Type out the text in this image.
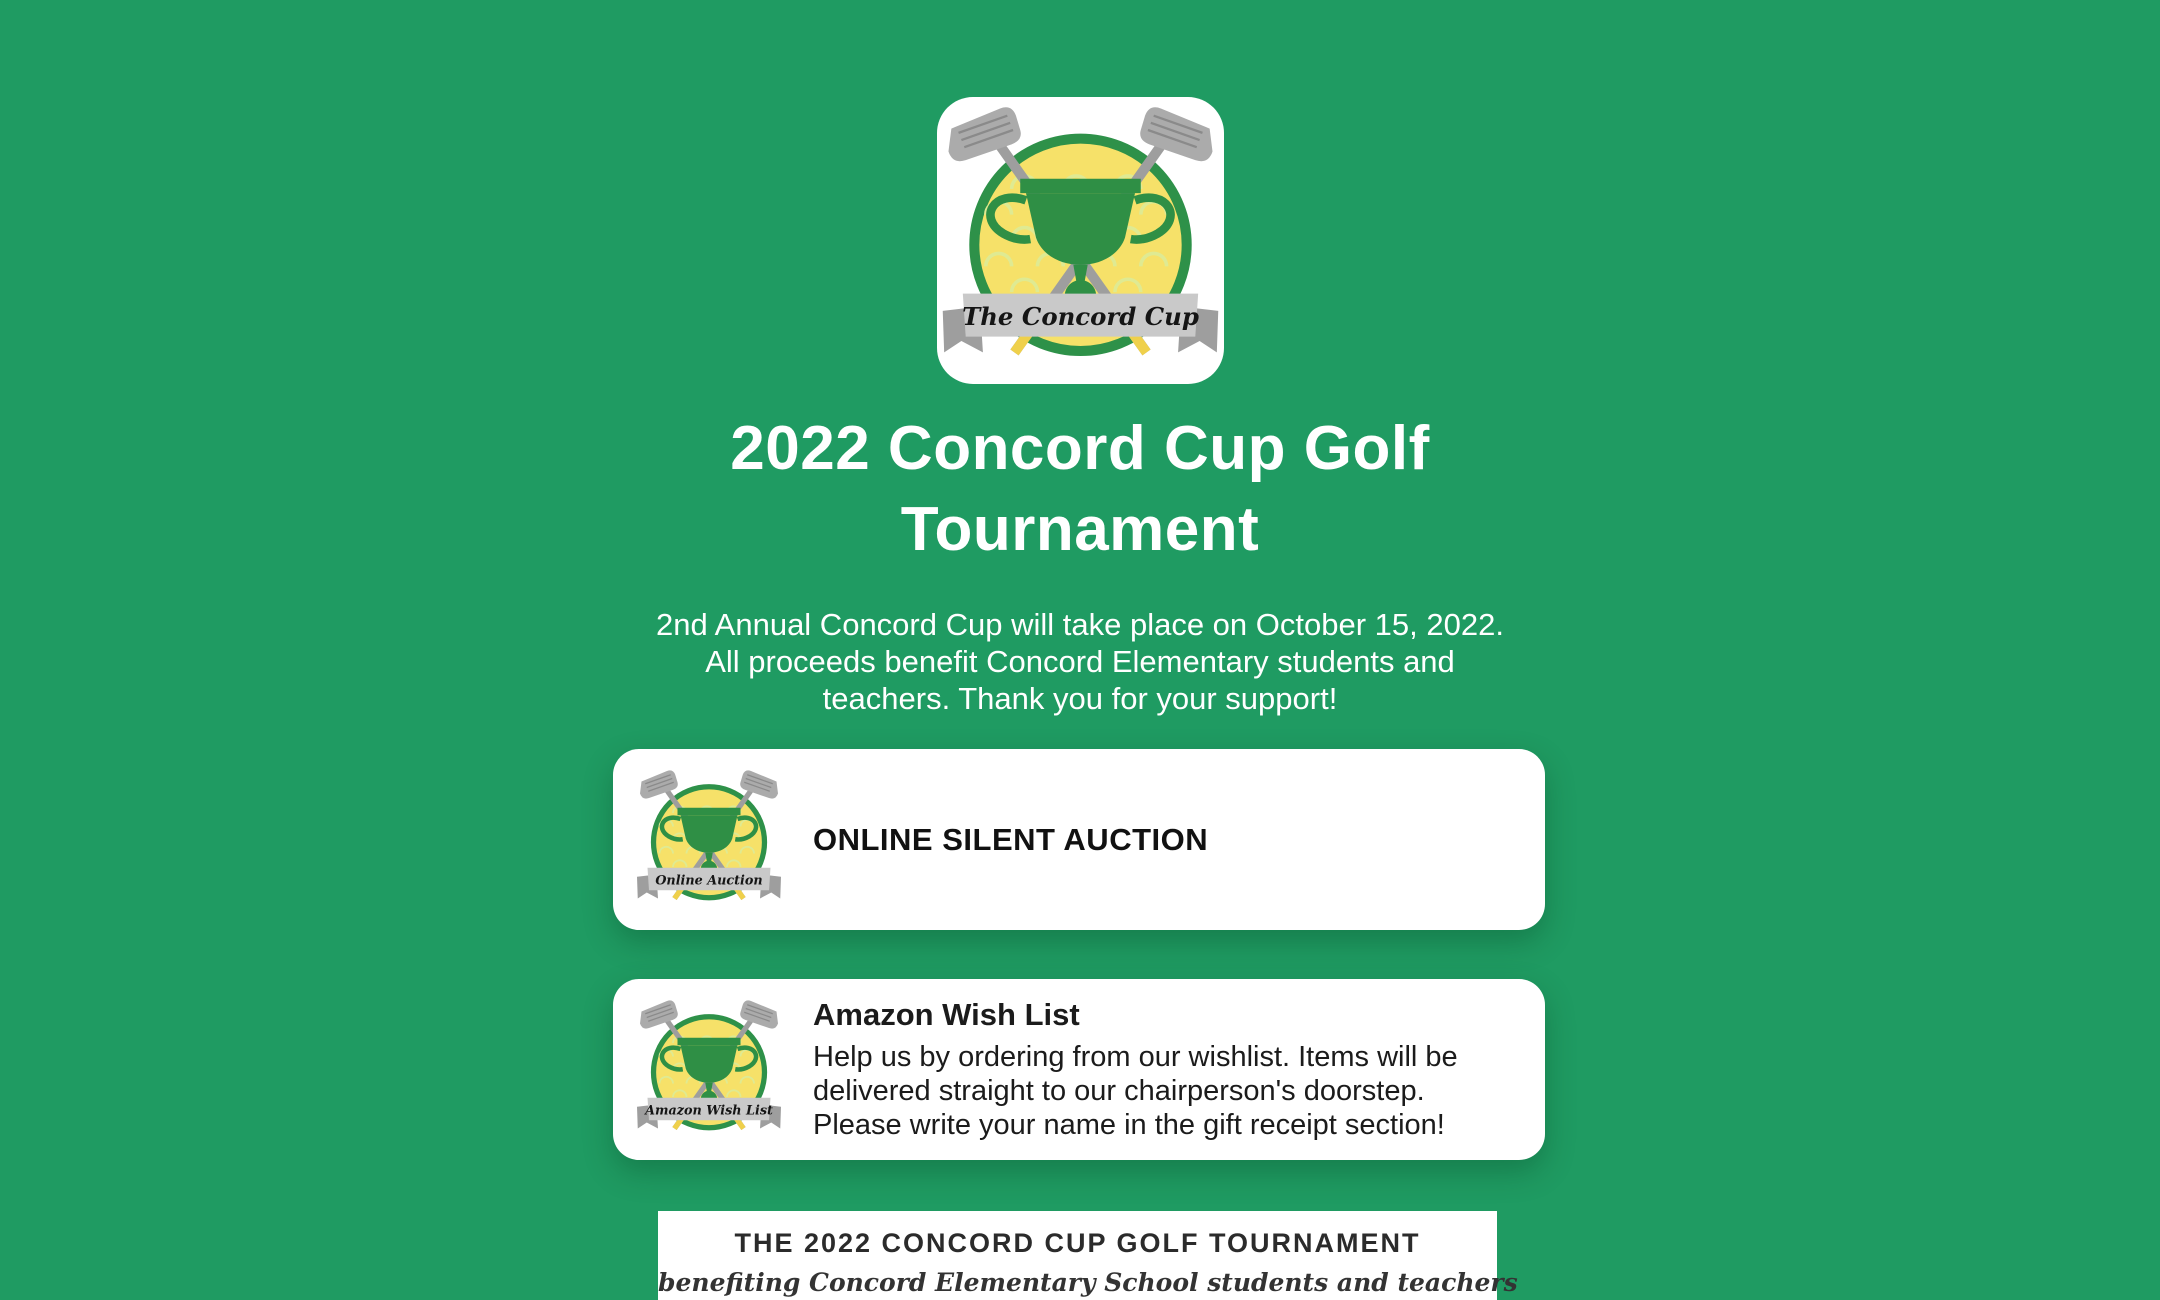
The Concord Cup
2022 Concord Cup Golf Tournament
2nd Annual Concord Cup will take place on October 15, 2022. All proceeds benefit Concord Elementary students and teachers. Thank you for your support!
Online Auction
ONLINE SILENT AUCTION
Amazon Wish List
Amazon Wish List
Help us by ordering from our wishlist. Items will be delivered straight to our chairperson's doorstep. Please write your name in the gift receipt section!
THE 2022 CONCORD CUP GOLF TOURNAMENT
benefiting Concord Elementary School students and teachers
